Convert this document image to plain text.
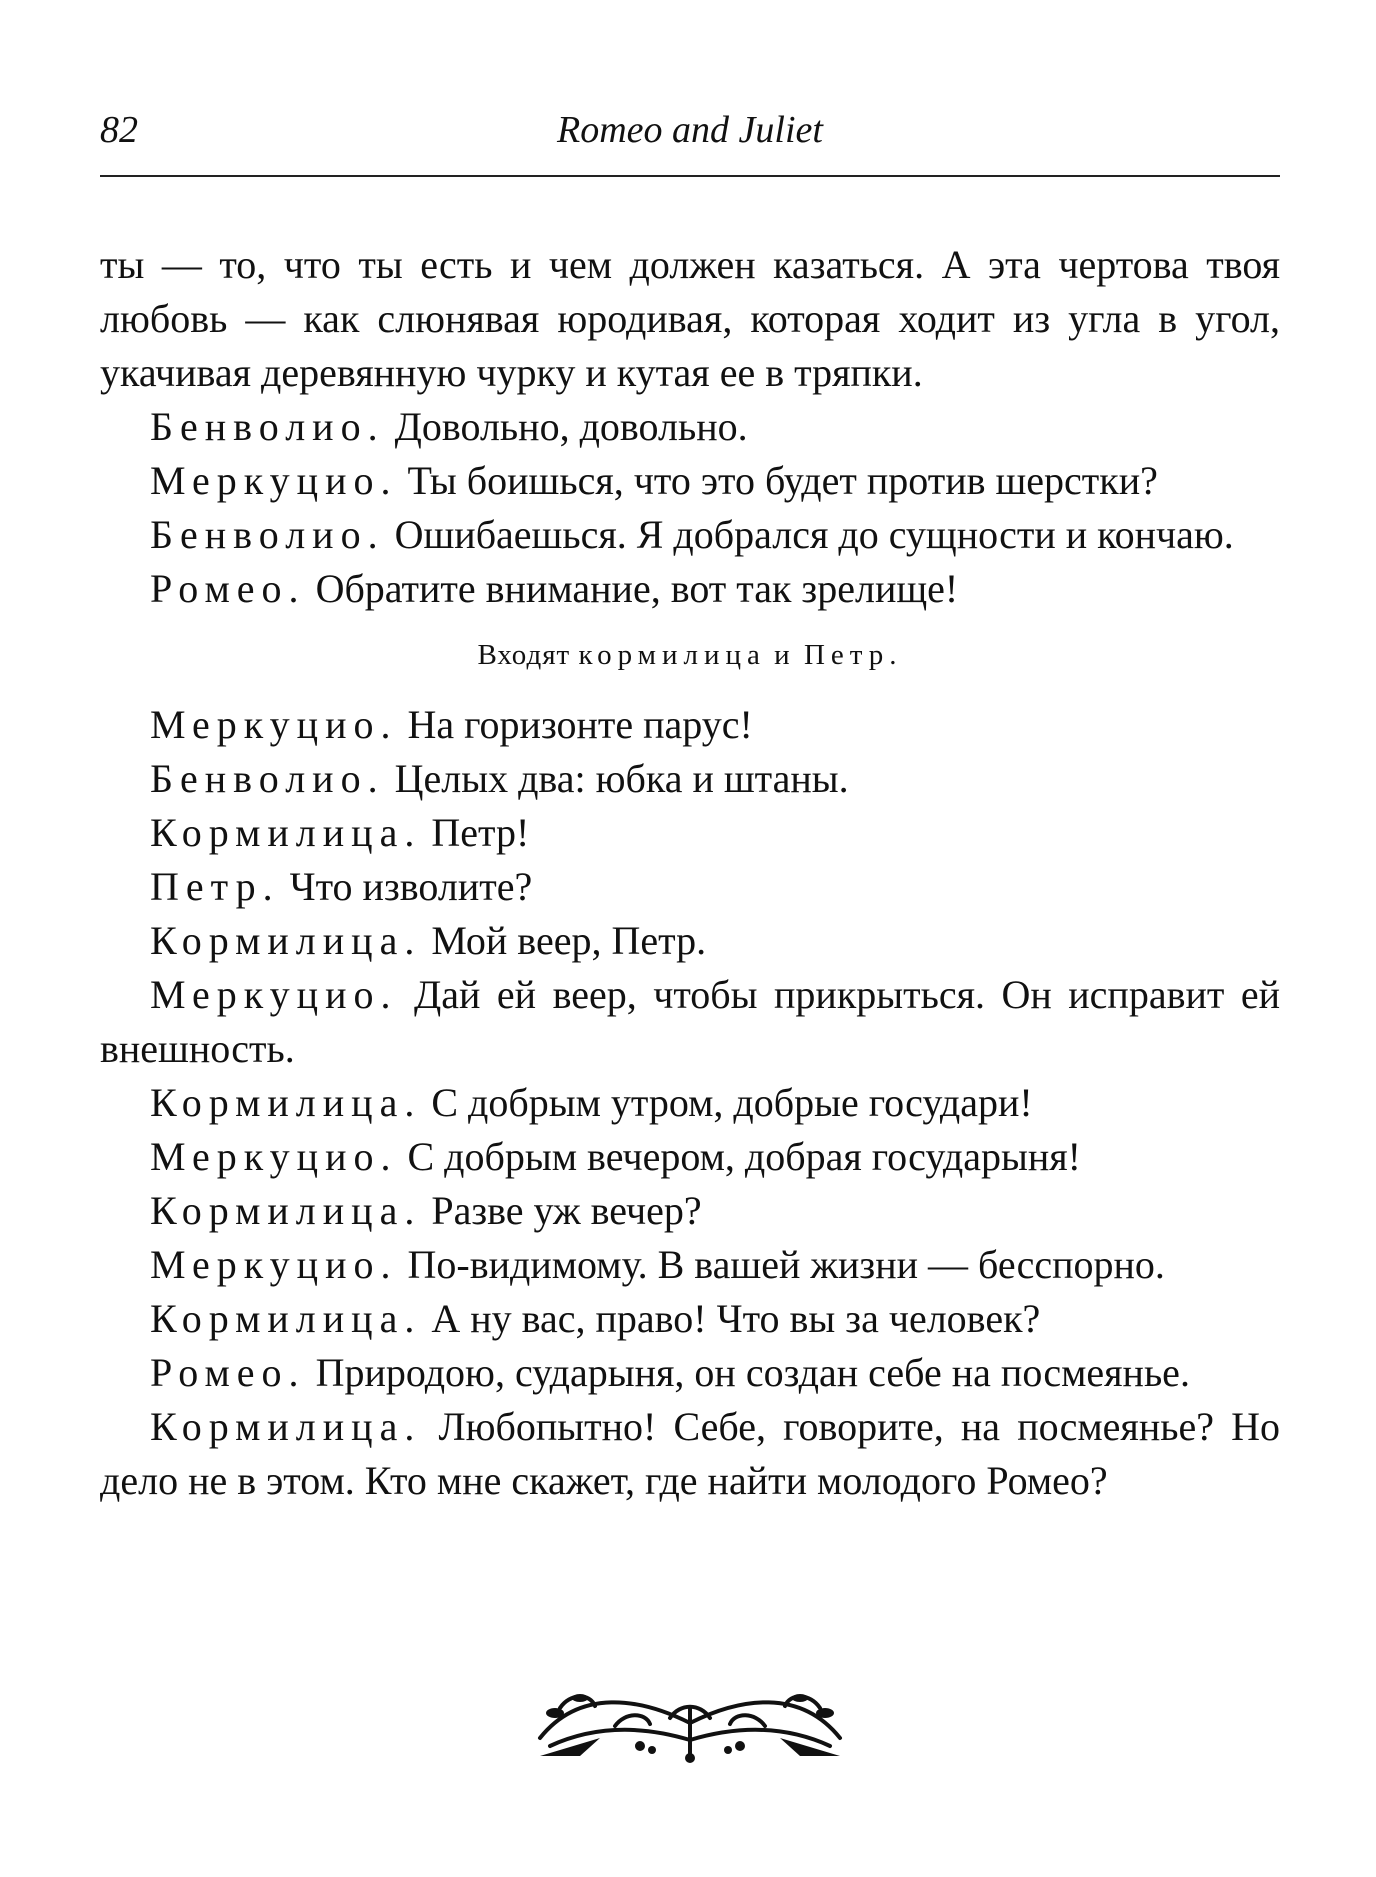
82	Romeo and Juliet

ты — то, что ты есть и чем должен казаться. А эта чертова твоя любовь — как слюнявая юродивая, которая ходит из угла в угол, укачивая деревянную чурку и кутая ее в тряпки.

Бенволио. Довольно, довольно.

Меркуцио. Ты боишься, что это будет против шерстки?

Бенволио. Ошибаешься. Я добрался до сущности и кончаю.

Ромео. Обратите внимание, вот так зрелище!

Входят кормилица и Петр.

Меркуцио. На горизонте парус!

Бенволио. Целых два: юбка и штаны.

Кормилица. Петр!

Петр. Что изволите?

Кормилица. Мой веер, Петр.

Меркуцио. Дай ей веер, чтобы прикрыться. Он исправит ей внешность.

Кормилица. С добрым утром, добрые государи!

Меркуцио. С добрым вечером, добрая государыня!

Кормилица. Разве уж вечер?

Меркуцио. По-видимому. В вашей жизни — бесспорно.

Кормилица. А ну вас, право! Что вы за человек?

Ромео. Природою, сударыня, он создан себе на посмеянье.

Кормилица. Любопытно! Себе, говорите, на посмеянье? Но дело не в этом. Кто мне скажет, где найти молодого Ромео?
